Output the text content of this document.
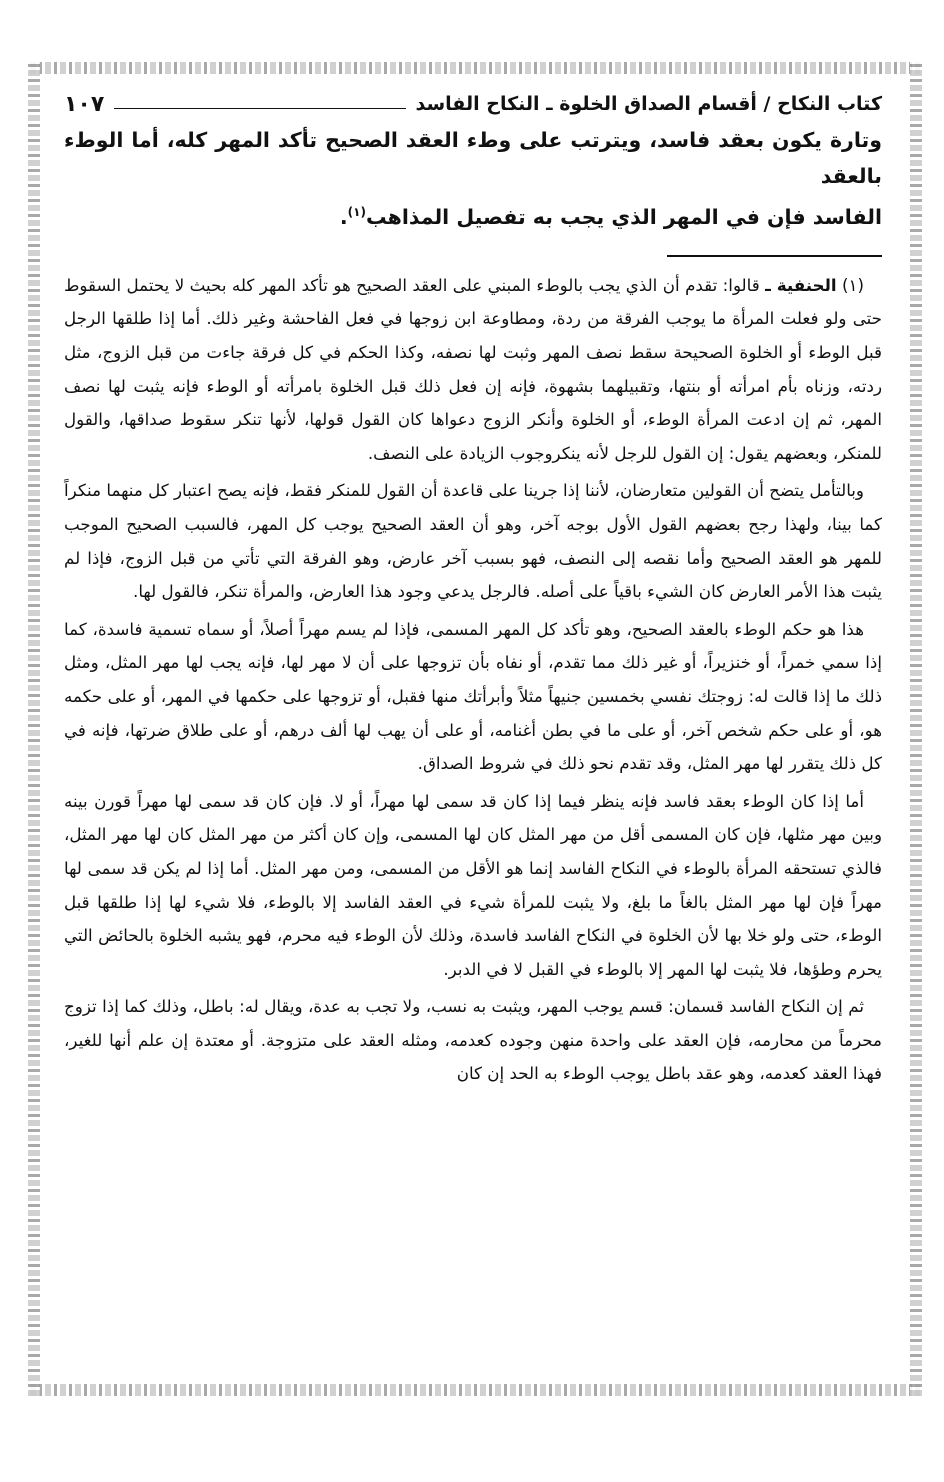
كتاب النكاح / أقسام الصداق الخلوة ـ النكاح الفاسد
١٠٧

وتارة يكون بعقد فاسد، ويترتب على وطء العقد الصحيح تأكد المهر كله، أما الوطء بالعقد
الفاسد فإن في المهر الذي يجب به تفصيل المذاهب$^{(١)}$.

(١) الحنفية ـ قالوا: تقدم أن الذي يجب بالوطء المبني على العقد الصحيح هو تأكد المهر كله بحيث لا يحتمل السقوط حتى ولو فعلت المرأة ما يوجب الفرقة من ردة، ومطاوعة ابن زوجها في فعل الفاحشة وغير ذلك. أما إذا طلقها الرجل قبل الوطء أو الخلوة الصحيحة سقط نصف المهر وثبت لها نصفه، وكذا الحكم في كل فرقة جاءت من قبل الزوج، مثل ردته، وزناه بأم امرأته أو بنتها، وتقبيلهما بشهوة، فإنه إن فعل ذلك قبل الخلوة بامرأته أو الوطء فإنه يثبت لها نصف المهر، ثم إن ادعت المرأة الوطء، أو الخلوة وأنكر الزوج دعواها كان القول قولها، لأنها تنكر سقوط صداقها، والقول للمنكر، وبعضهم يقول: إن القول للرجل لأنه ينكروجوب الزيادة على النصف.

وبالتأمل يتضح أن القولين متعارضان، لأننا إذا جرينا على قاعدة أن القول للمنكر فقط، فإنه يصح اعتبار كل منهما منكراً كما بينا، ولهذا رجح بعضهم القول الأول بوجه آخر، وهو أن العقد الصحيح يوجب كل المهر، فالسبب الصحيح الموجب للمهر هو العقد الصحيح وأما نقصه إلى النصف، فهو بسبب آخر عارض، وهو الفرقة التي تأتي من قبل الزوج، فإذا لم يثبت هذا الأمر العارض كان الشيء باقياً على أصله. فالرجل يدعي وجود هذا العارض، والمرأة تنكر، فالقول لها.

هذا هو حكم الوطء بالعقد الصحيح، وهو تأكد كل المهر المسمى، فإذا لم يسم مهراً أصلاً، أو سماه تسمية فاسدة، كما إذا سمي خمراً، أو خنزيراً، أو غير ذلك مما تقدم، أو نفاه بأن تزوجها على أن لا مهر لها، فإنه يجب لها مهر المثل، ومثل ذلك ما إذا قالت له: زوجتك نفسي بخمسين جنيهاً مثلاً وأبرأتك منها فقبل، أو تزوجها على حكمها في المهر، أو على حكمه هو، أو على حكم شخص آخر، أو على ما في بطن أغنامه، أو على أن يهب لها ألف درهم، أو على طلاق ضرتها، فإنه في كل ذلك يتقرر لها مهر المثل، وقد تقدم نحو ذلك في شروط الصداق.

أما إذا كان الوطء بعقد فاسد فإنه ينظر فيما إذا كان قد سمى لها مهراً، أو لا. فإن كان قد سمى لها مهراً قورن بينه وبين مهر مثلها، فإن كان المسمى أقل من مهر المثل كان لها المسمى، وإن كان أكثر من مهر المثل كان لها مهر المثل، فالذي تستحقه المرأة بالوطء في النكاح الفاسد إنما هو الأقل من المسمى، ومن مهر المثل. أما إذا لم يكن قد سمى لها مهراً فإن لها مهر المثل بالغاً ما بلغ، ولا يثبت للمرأة شيء في العقد الفاسد إلا بالوطء، فلا شيء لها إذا طلقها قبل الوطء، حتى ولو خلا بها لأن الخلوة في النكاح الفاسد فاسدة، وذلك لأن الوطء فيه محرم، فهو يشبه الخلوة بالحائض التي يحرم وطؤها، فلا يثبت لها المهر إلا بالوطء في القبل لا في الدبر.

ثم إن النكاح الفاسد قسمان: قسم يوجب المهر، ويثبت به نسب، ولا تجب به عدة، ويقال له: باطل، وذلك كما إذا تزوج محرماً من محارمه، فإن العقد على واحدة منهن وجوده كعدمه، ومثله العقد على متزوجة. أو معتدة إن علم أنها للغير، فهذا العقد كعدمه، وهو عقد باطل يوجب الوطء به الحد إن كان
